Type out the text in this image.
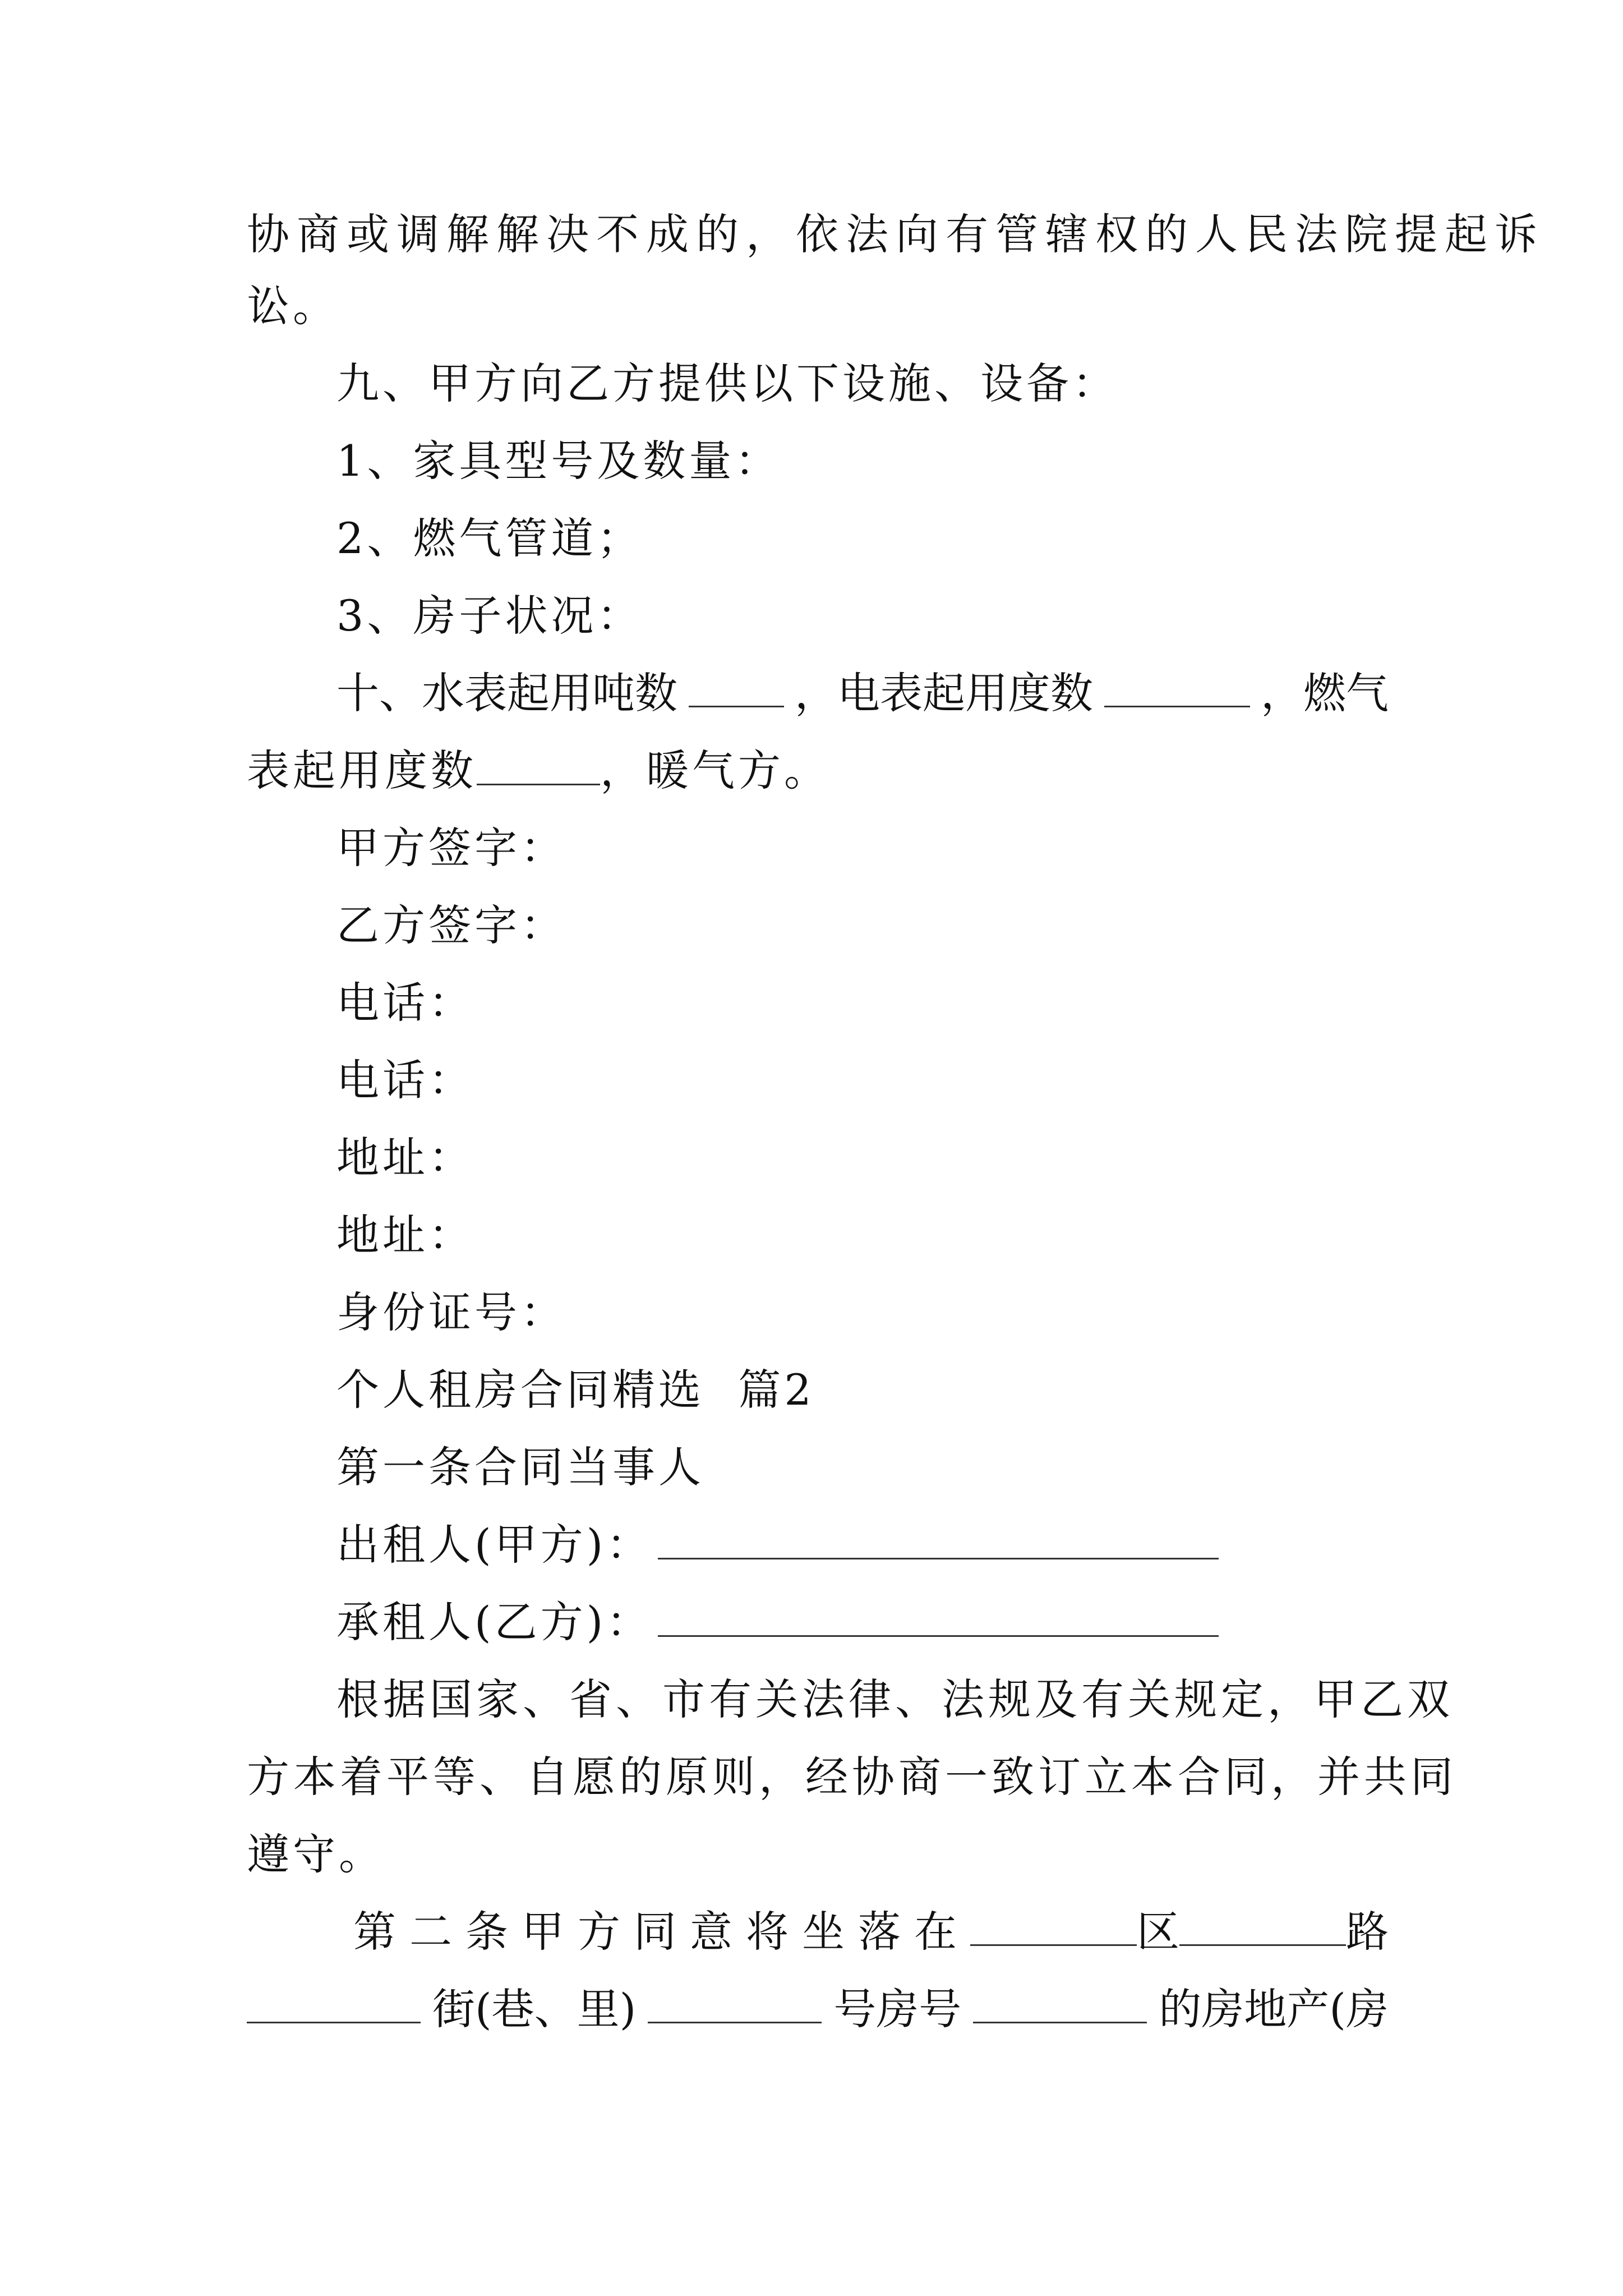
协商或调解解决不成的，依法向有管辖权的人民法院提起诉
讼。
九、甲方向乙方提供以下设施、设备：
1、家具型号及数量：
2、燃气管道；
3、房子状况：
十、水表起用吨数	，电表起用度数	，燃气
表起用度数	，暖气方。
甲方签字：
乙方签字：
电话：
电话：
地址：
地址：
身份证号：
个人租房合同精选  篇2
第一条合同当事人
出租人(甲方)：
承租人(乙方)：
根据国家、省、市有关法律、法规及有关规定，甲乙双
方本着平等、自愿的原则，经协商一致订立本合同，并共同
遵守。
第二条甲方同意将坐落在	区	路
街(巷、里)	号房号	的房地产(房
